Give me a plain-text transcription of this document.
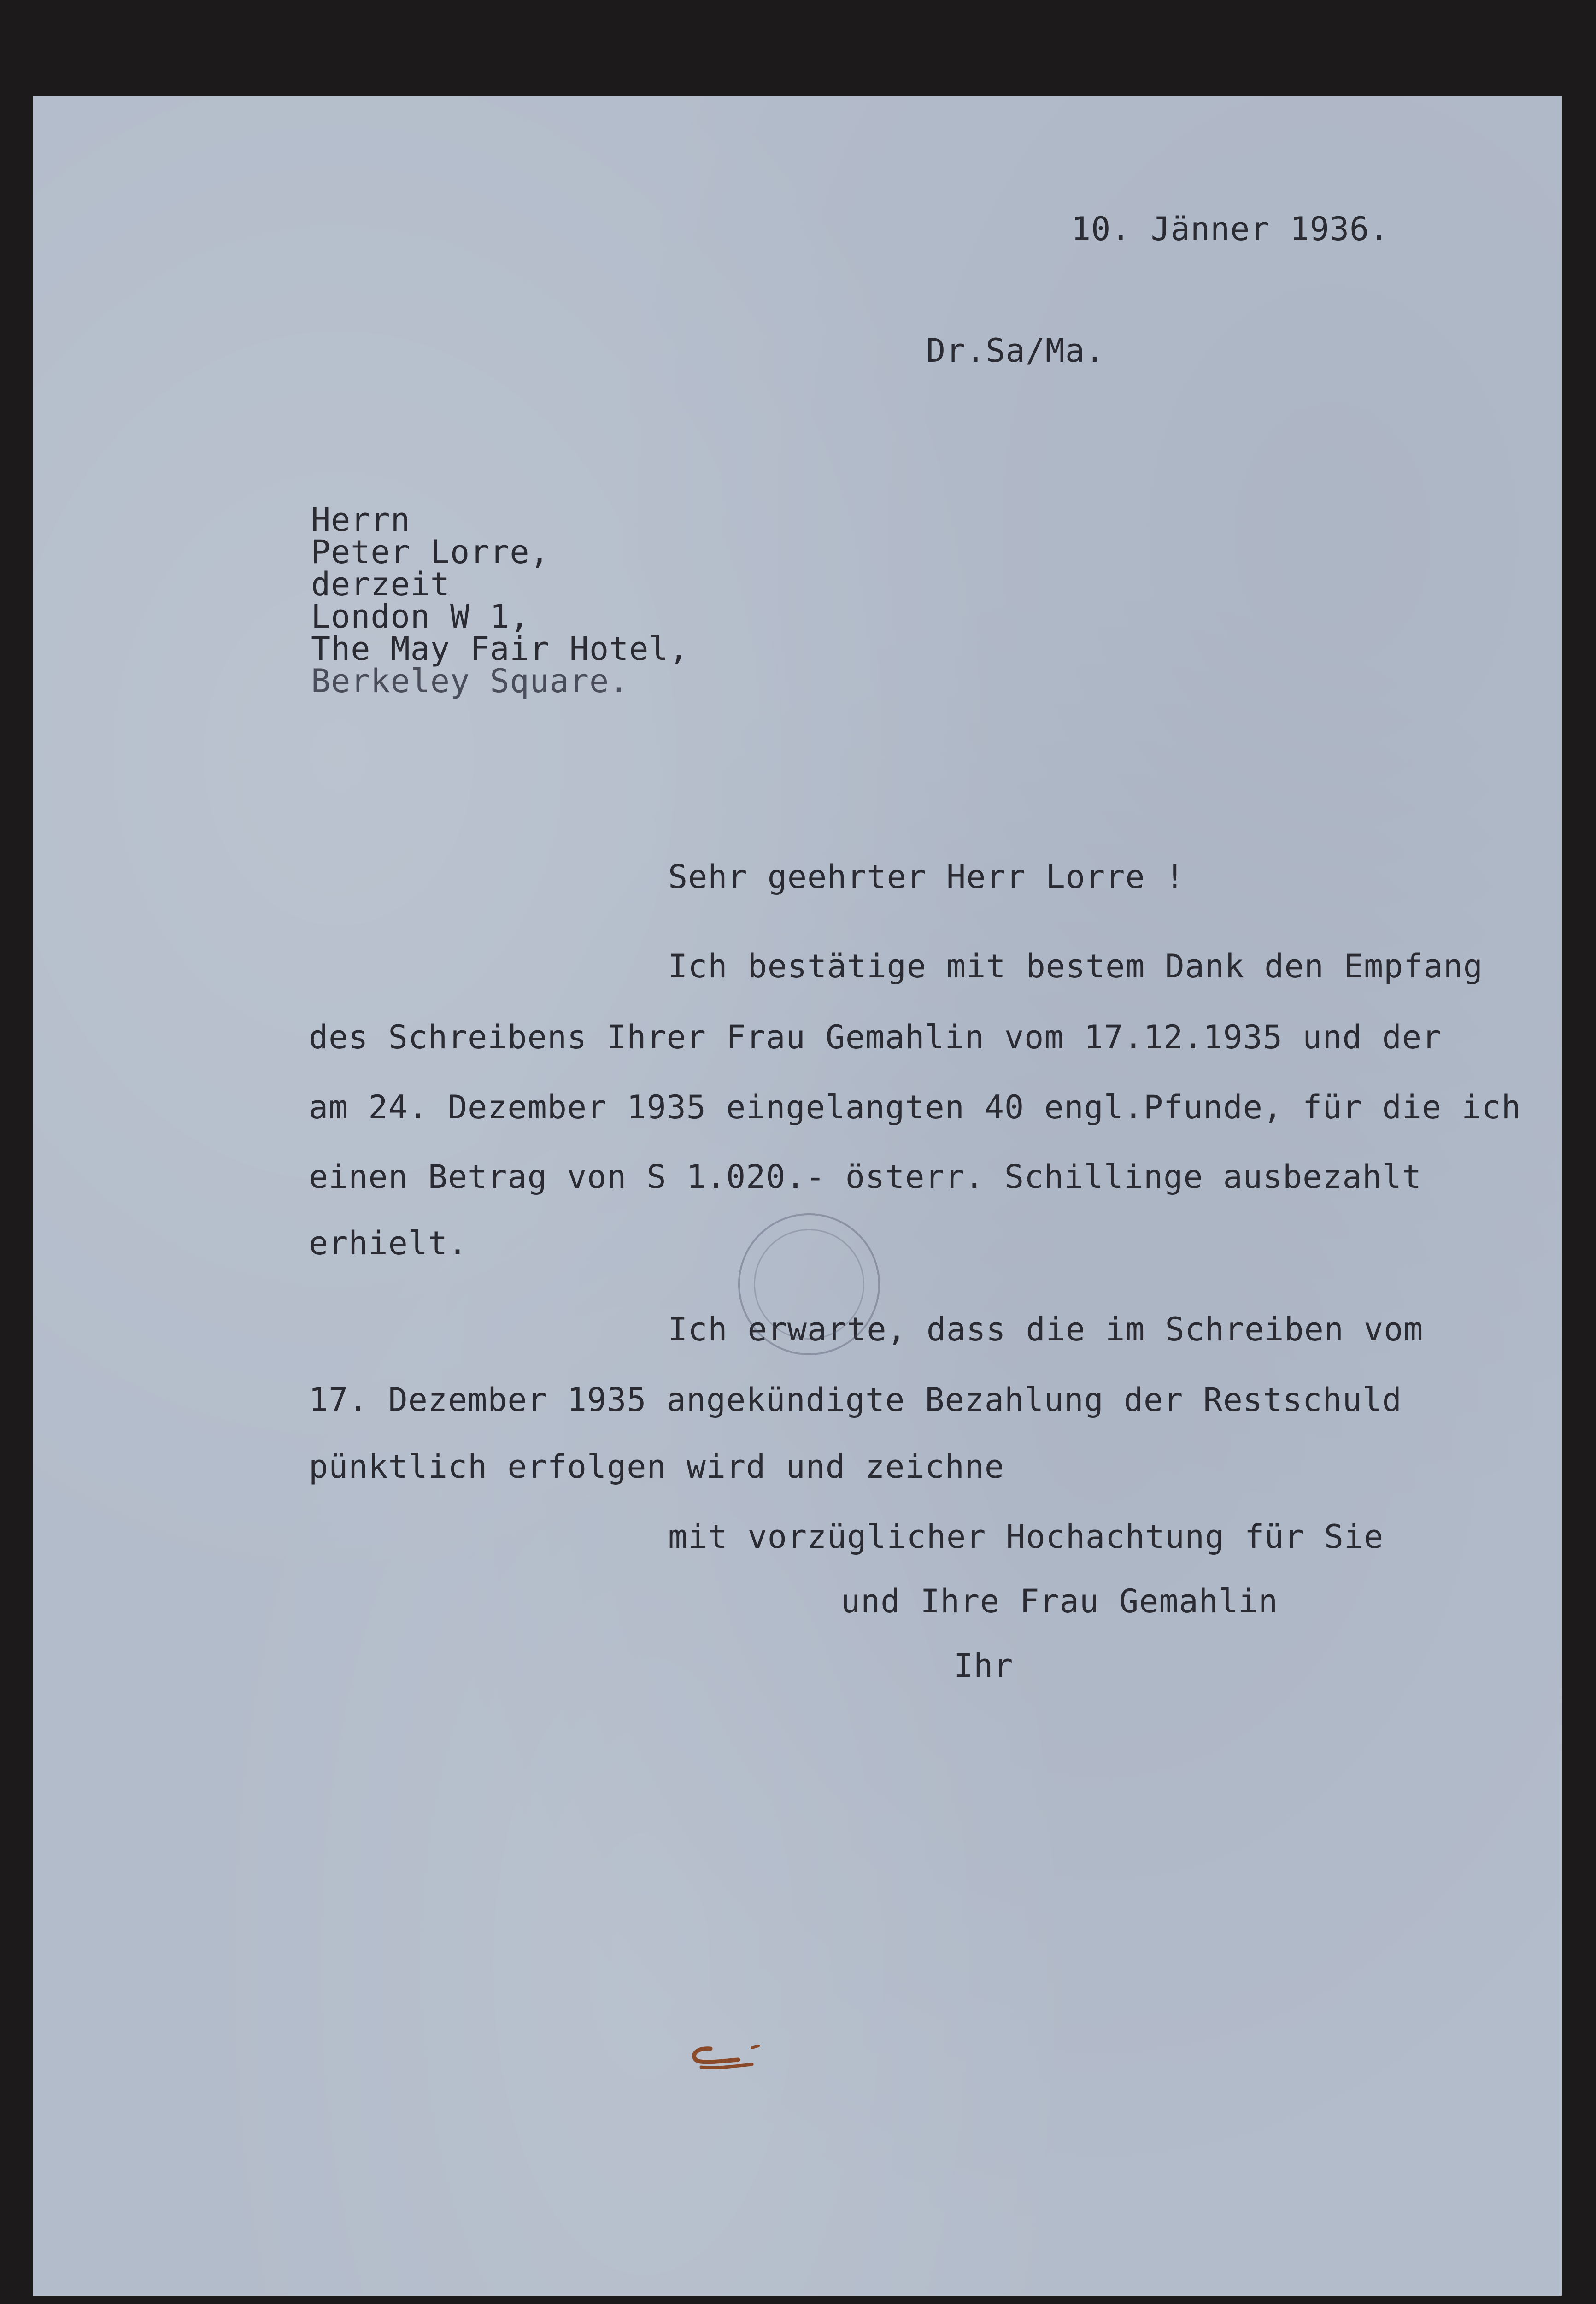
10. Jänner 1936.

Dr.Sa/Ma.

Herrn

Peter Lorre,

derzeit

London W 1,

The May Fair Hotel,

Berkeley Square.

Sehr geehrter Herr Lorre !

Ich bestätige mit bestem Dank den Empfang

des Schreibens Ihrer Frau Gemahlin vom 17.12.1935 und der

am 24. Dezember 1935 eingelangten 40 engl.Pfunde, für die ich

einen Betrag von S 1.020.- österr. Schillinge ausbezahlt

erhielt.

Ich erwarte, dass die im Schreiben vom

17. Dezember 1935 angekündigte Bezahlung der Restschuld

pünktlich erfolgen wird und zeichne

mit vorzüglicher Hochachtung für Sie

und Ihre Frau Gemahlin

Ihr
